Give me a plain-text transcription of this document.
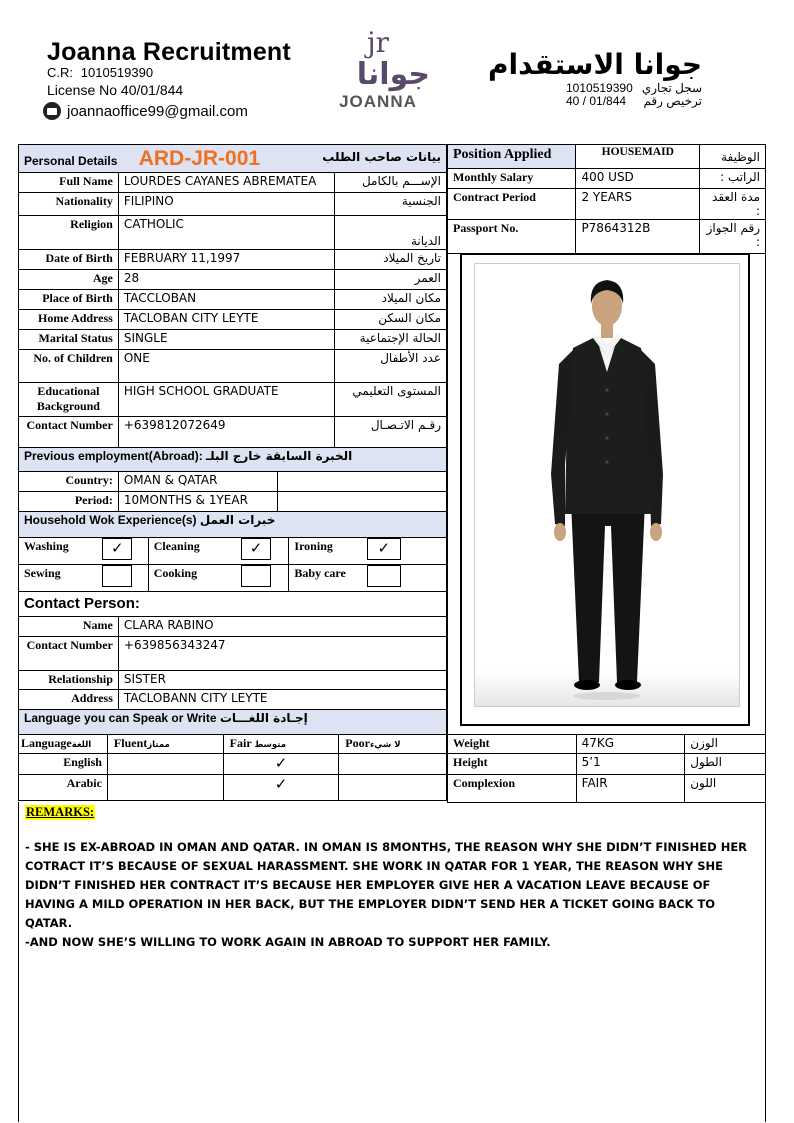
Joanna Recruitment
C.R: 1010519390
License No 40/01/844
joannaoffice99@gmail.com
jr
جوانا
JOANNA
جوانا الاستقدام
1010519390
40 / 01/844
سجل تجاري
ترخيص رقم
Personal Details ARD-JR-001 بيانات صاحب الطلب		

Full Name	LOURDES CAYANES ABREMATEA	الإســـم بالكامل
Nationality	FILIPINO	الجنسية
Religion	CATHOLIC	الديانة
Date of Birth	FEBRUARY 11,1997	تاريخ الميلاد
Age	28	العمر
Place of Birth	TACCLOBAN	مكان الميلاد
Home Address	TACLOBAN CITY LEYTE	مكان السكن
Marital Status	SINGLE	الحالة الإجتماعية
No. of Children	ONE	عدد الأطفال
Educational Background	HIGH SCHOOL GRADUATE	المستوى التعليمي
Contact Number	+639812072649	رقـم الاتـصـال
Previous employment(Abroad): الخبرة السابقة خارج البلـ		
Country:	OMAN & QATAR	
Period:	10MONTHS & 1YEAR	
Household Wok Experience(s) خبرات العمل					
Washing	✓	Cleaning	✓	Ironing	✓
Sewing		Cooking		Baby care	
Contact Person:	
Name	CLARA RABINO
Contact Number	+639856343247
Relationship	SISTER
Address	TACLOBANN CITY LEYTE
Language you can Speak or Write إجـادة اللغـــات			
Languageاللغة	Fluentممتاز	Fair متوسط	Poorلا شيء
English		✓	
Arabic		✓	
Position Applied	HOUSEMAID	الوظيفة
Monthly Salary	400 USD	الراتب :
Contract Period	2 YEARS	مدة العقد :
Passport No.	P7864312B	رقم الجواز :
Weight	47KG	الوزن
Height	5’1	الطول
Complexion	FAIR	اللون
REMARKS:
- SHE IS EX-ABROAD IN OMAN AND QATAR. IN OMAN IS 8MONTHS, THE REASON WHY SHE DIDN’T FINISHED HER COTRACT IT’S BECAUSE OF SEXUAL HARASSMENT. SHE WORK IN QATAR FOR 1 YEAR, THE REASON WHY SHE DIDN’T FINISHED HER CONTRACT IT’S BECAUSE HER EMPLOYER GIVE HER A VACATION LEAVE BECAUSE OF HAVING A MILD OPERATION IN HER BACK, BUT THE EMPLOYER DIDN’T SEND HER A TICKET GOING BACK TO QATAR.
-AND NOW SHE’S WILLING TO WORK AGAIN IN ABROAD TO SUPPORT HER FAMILY.
